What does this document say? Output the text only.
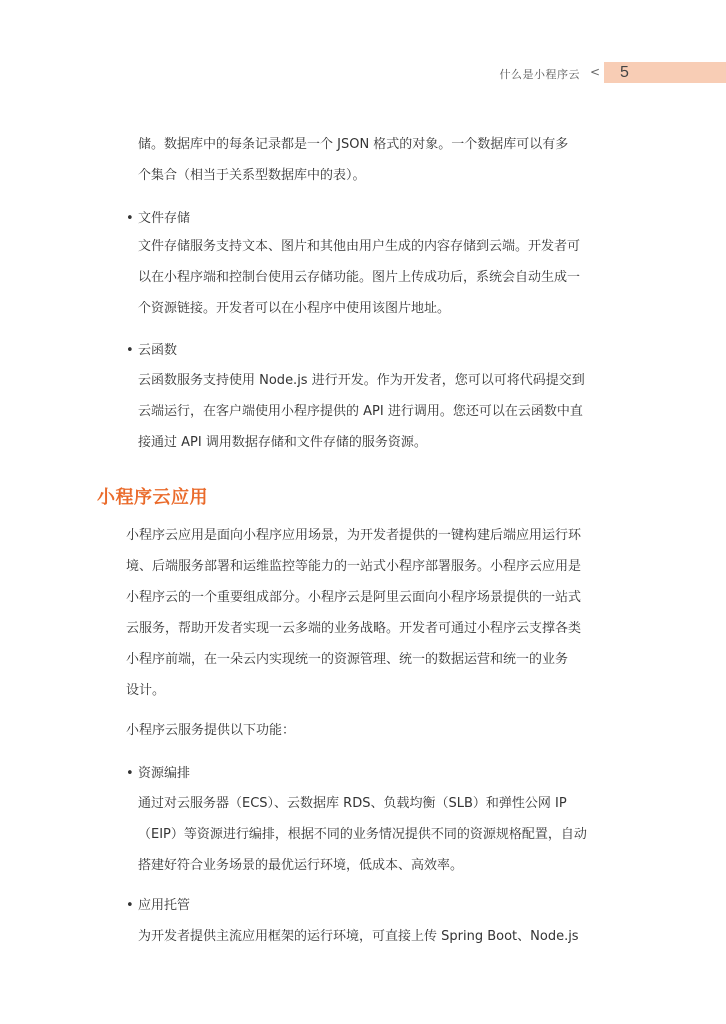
什么是小程序云 < 5

储。数据库中的每条记录都是一个 JSON 格式的对象。一个数据库可以有多

个集合（相当于关系型数据库中的表）。

• 文件存储

文件存储服务支持文本、图片和其他由用户生成的内容存储到云端。开发者可

以在小程序端和控制台使用云存储功能。图片上传成功后，系统会自动生成一

个资源链接。开发者可以在小程序中使用该图片地址。

• 云函数

云函数服务支持使用 Node.js 进行开发。作为开发者，您可以可将代码提交到

云端运行，在客户端使用小程序提供的 API 进行调用。您还可以在云函数中直

接通过 API 调用数据存储和文件存储的服务资源。

小程序云应用

小程序云应用是面向小程序应用场景，为开发者提供的一键构建后端应用运行环

境、后端服务部署和运维监控等能力的一站式小程序部署服务。小程序云应用是

小程序云的一个重要组成部分。小程序云是阿里云面向小程序场景提供的一站式

云服务，帮助开发者实现一云多端的业务战略。开发者可通过小程序云支撑各类

小程序前端，在一朵云内实现统一的资源管理、统一的数据运营和统一的业务

设计。

小程序云服务提供以下功能：

• 资源编排

通过对云服务器（ECS）、云数据库 RDS、负载均衡（SLB）和弹性公网 IP

（EIP）等资源进行编排，根据不同的业务情况提供不同的资源规格配置，自动

搭建好符合业务场景的最优运行环境，低成本、高效率。

• 应用托管

为开发者提供主流应用框架的运行环境，可直接上传 Spring Boot、Node.js
